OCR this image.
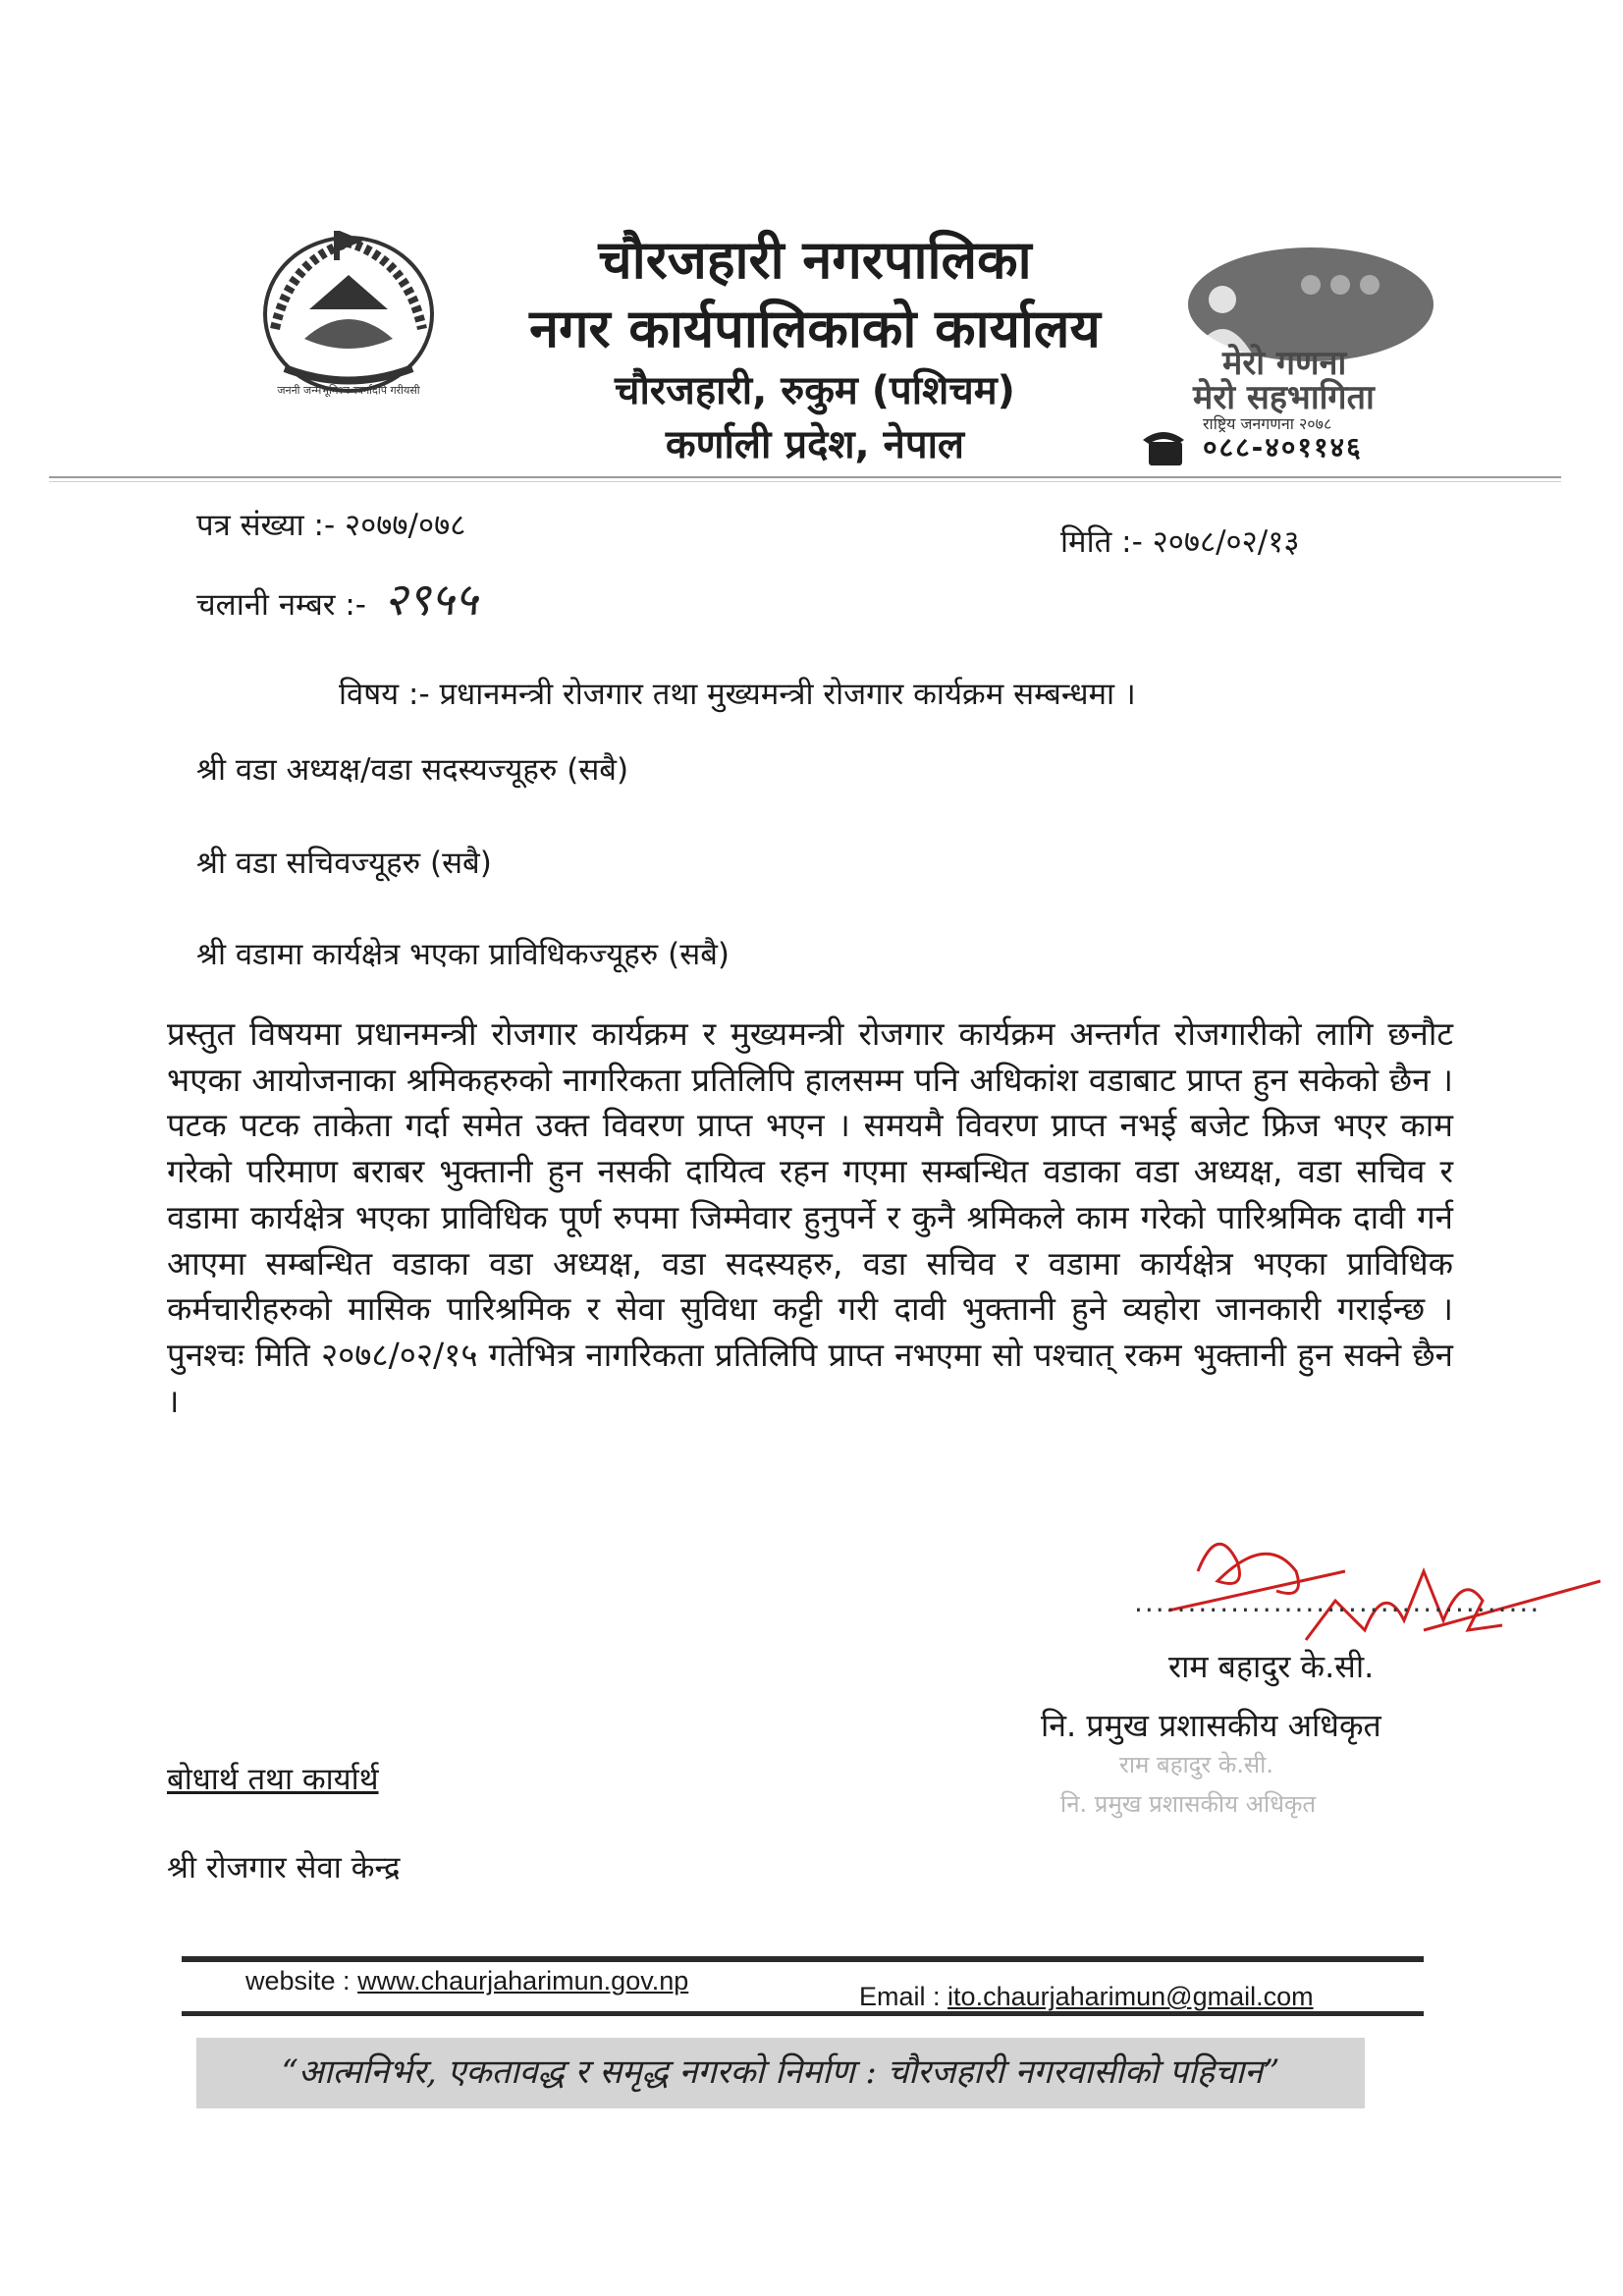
जननी जन्मभूमिश्च स्वर्गादपि गरीयसी
चौरजहारी नगरपालिका
नगर कार्यपालिकाको कार्यालय
चौरजहारी, रुकुम (पशिचम)
कर्णाली प्रदेश, नेपाल
मेरो गणना
मेरो सहभागिता
राष्ट्रिय जनगणना २०७८
०८८-४०११४६
पत्र संख्या :- २०७७/०७८
चलानी नम्बर :- २९५५
मिति :- २०७८/०२/१३
विषय :- प्रधानमन्त्री रोजगार तथा मुख्यमन्त्री रोजगार कार्यक्रम सम्बन्धमा ।
श्री वडा अध्यक्ष/वडा सदस्यज्यूहरु (सबै)
श्री वडा सचिवज्यूहरु (सबै)
श्री वडामा कार्यक्षेत्र भएका प्राविधिकज्यूहरु (सबै)
प्रस्तुत विषयमा प्रधानमन्त्री रोजगार कार्यक्रम र मुख्यमन्त्री रोजगार कार्यक्रम अन्तर्गत रोजगारीको लागि छनौट भएका आयोजनाका श्रमिकहरुको नागरिकता प्रतिलिपि हालसम्म पनि अधिकांश वडाबाट प्राप्त हुन सकेको छैन । पटक पटक ताकेता गर्दा समेत उक्त विवरण प्राप्त भएन । समयमै विवरण प्राप्त नभई बजेट फ्रिज भएर काम गरेको परिमाण बराबर भुक्तानी हुन नसकी दायित्व रहन गएमा सम्बन्धित वडाका वडा अध्यक्ष, वडा सचिव र वडामा कार्यक्षेत्र भएका प्राविधिक पूर्ण रुपमा जिम्मेवार हुनुपर्ने र कुनै श्रमिकले काम गरेको पारिश्रमिक दावी गर्न आएमा सम्बन्धित वडाका वडा अध्यक्ष, वडा सदस्यहरु, वडा सचिव र वडामा कार्यक्षेत्र भएका प्राविधिक कर्मचारीहरुको मासिक पारिश्रमिक र सेवा सुविधा कट्टी गरी दावी भुक्तानी हुने व्यहोरा जानकारी गराईन्छ । पुनश्चः मिति २०७८/०२/१५ गतेभित्र नागरिकता प्रतिलिपि प्राप्त नभएमा सो पश्चात् रकम भुक्तानी हुन सक्ने छैन ।
......................................
राम बहादुर के.सी.
नि. प्रमुख प्रशासकीय अधिकृत
राम बहादुर के.सी.
नि. प्रमुख प्रशासकीय अधिकृत
बोधार्थ तथा कार्यार्थ
श्री रोजगार सेवा केन्द्र
website : www.chaurjaharimun.gov.np
Email : ito.chaurjaharimun@gmail.com
“आत्मनिर्भर, एकतावद्ध र समृद्ध नगरको निर्माण : चौरजहारी नगरवासीको पहिचान”
